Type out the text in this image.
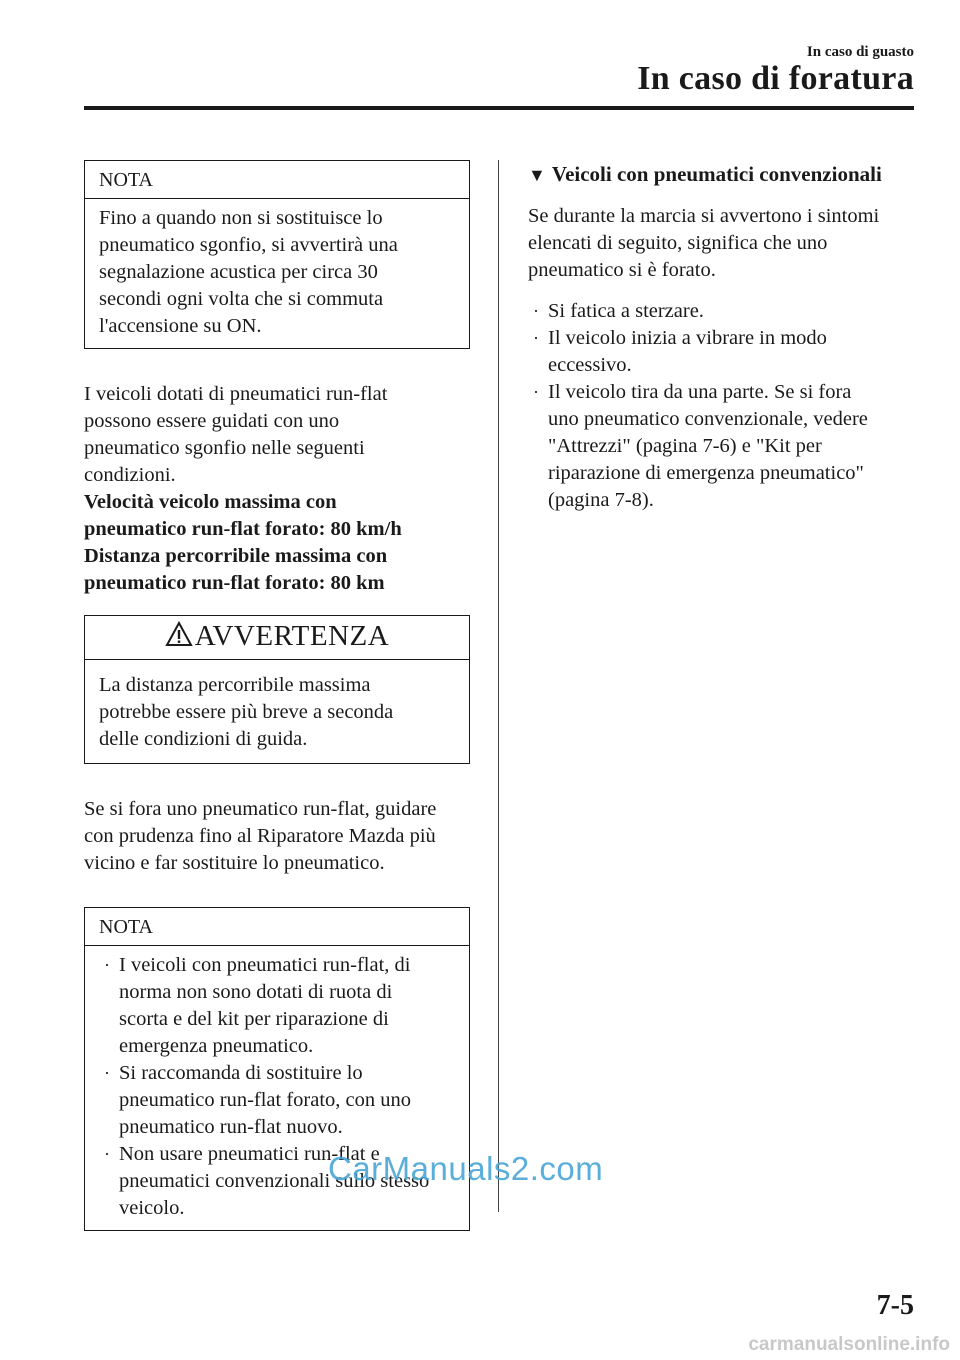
In caso di guasto
In caso di foratura
NOTA
Fino a quando non si sostituisce lo
pneumatico sgonfio, si avvertirà una
segnalazione acustica per circa 30
secondi ogni volta che si commuta
l'accensione su ON.

I veicoli dotati di pneumatici run-flat

possono essere guidati con uno

pneumatico sgonfio nelle seguenti

condizioni.

Velocità veicolo massima con

pneumatico run-flat forato: 80 km/h

Distanza percorribile massima con

pneumatico run-flat forato: 80 km

AVVERTENZA
La distanza percorribile massima
potrebbe essere più breve a seconda
delle condizioni di guida.

Se si fora uno pneumatico run-flat, guidare

con prudenza fino al Riparatore Mazda più

vicino e far sostituire lo pneumatico.

NOTA
· I veicoli con pneumatici run-flat, di
norma non sono dotati di ruota di
scorta e del kit per riparazione di
emergenza pneumatico.
· Si raccomanda di sostituire lo
pneumatico run-flat forato, con uno
pneumatico run-flat nuovo.
· Non usare pneumatici run-flat e
pneumatici convenzionali sullo stesso
veicolo.
▼ Veicoli con pneumatici convenzionali

Se durante la marcia si avvertono i sintomi

elencati di seguito, significa che uno

pneumatico si è forato.

· Si fatica a sterzare.
· Il veicolo inizia a vibrare in modo
eccessivo.
· Il veicolo tira da una parte. Se si fora
uno pneumatico convenzionale, vedere
"Attrezzi" (pagina 7-6) e "Kit per
riparazione di emergenza pneumatico"
(pagina 7-8).
CarManuals2.com
7-5
carmanualsonline.info
